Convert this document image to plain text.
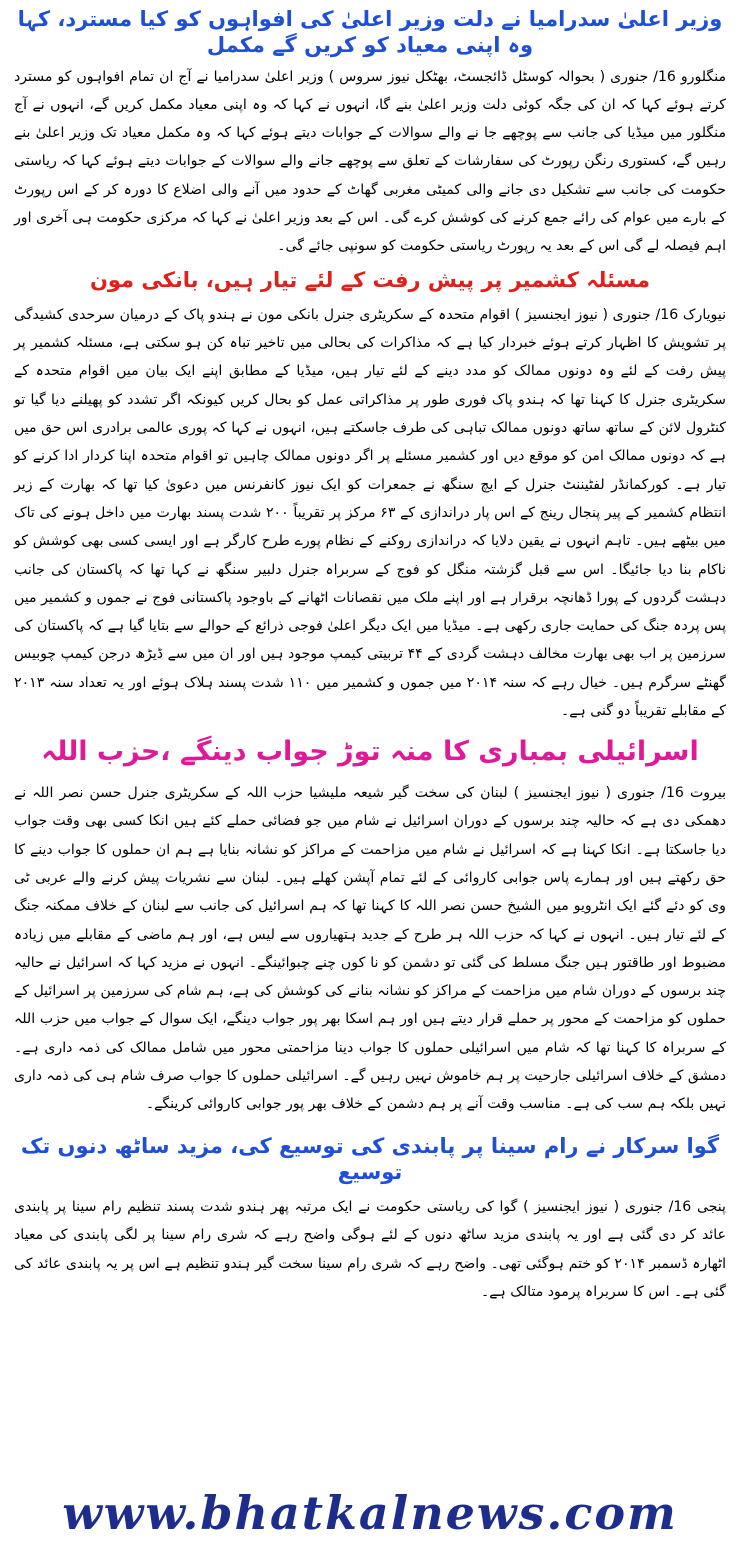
وزیر اعلیٰ سدرامیا نے دلت وزیر اعلیٰ کی افواہوں کو کیا مسترد، کہا وہ اپنی معیاد کو کریں گے مکمل

منگلورو 16/ جنوری ( بحوالہ کوسٹل ڈائجسٹ، بھٹکل نیوز سروس ) وزیر اعلیٰ سدرامیا نے آج ان تمام افواہوں کو مسترد کرتے ہوئے کہا کہ ان کی جگہ کوئی دلت وزیر اعلیٰ بنے گا، انہوں نے کہا کہ وہ اپنی معیاد مکمل کریں گے، انہوں نے آج منگلور میں میڈیا کی جانب سے پوچھے جا نے والے سوالات کے جوابات دیتے ہوئے کہا کہ وہ مکمل معیاد تک وزیر اعلیٰ بنے رہیں گے، کستوری رنگن رپورٹ کی سفارشات کے تعلق سے پوچھے جانے والے سوالات کے جوابات دیتے ہوئے کہا کہ ریاستی حکومت کی جانب سے تشکیل دی جانے والی کمیٹی مغربی گھاٹ کے حدود میں آنے والی اضلاع کا دورہ کر کے اس رپورٹ کے بارے میں عوام کی رائے جمع کرنے کی کوشش کرے گی۔ اس کے بعد وزیر اعلیٰ نے کہا کہ مرکزی حکومت ہی آخری اور اہم فیصلہ لے گی اس کے بعد یہ رپورٹ ریاستی حکومت کو سونپی جائے گی۔

مسئلہ کشمیر پر پیش رفت کے لئے تیار ہیں، بانکی مون

نیویارک 16/ جنوری ( نیوز ایجنسیز ) اقوام متحدہ کے سکریٹری جنرل بانکی مون نے ہندو پاک کے درمیان سرحدی کشیدگی پر تشویش کا اظہار کرتے ہوئے خبردار کیا ہے کہ مذاکرات کی بحالی میں تاخیر تباہ کن ہو سکتی ہے، مسئلہ کشمیر پر پیش رفت کے لئے وہ دونوں ممالک کو مدد دینے کے لئے تیار ہیں، میڈیا کے مطابق اپنے ایک بیان میں اقوام متحدہ کے سکریٹری جنرل کا کہنا تھا کہ ہندو پاک فوری طور پر مذاکراتی عمل کو بحال کریں کیونکہ اگر تشدد کو پھیلنے دیا گیا تو کنٹرول لائن کے ساتھ ساتھ دونوں ممالک تباہی کی طرف جاسکتے ہیں، انہوں نے کہا کہ پوری عالمی برادری اس حق میں ہے کہ دونوں ممالک امن کو موقع دیں اور کشمیر مسئلے پر اگر دونوں ممالک چاہیں تو اقوام متحدہ اپنا کردار ادا کرنے کو تیار ہے۔ کورکمانڈر لفٹیننٹ جنرل کے ایچ سنگھ نے جمعرات کو ایک نیوز کانفرنس میں دعویٰ کیا تھا کہ بھارت کے زیر انتظام کشمیر کے پیر پنجال رینج کے اس پار دراندازی کے ۶۳ مرکز پر تقریباً ۲۰۰ شدت پسند بھارت میں داخل ہونے کی تاک میں بیٹھے ہیں۔ تاہم انہوں نے یقین دلایا کہ دراندازی روکنے کے نظام پورے طرح کارگر ہے اور ایسی کسی بھی کوشش کو ناکام بنا دیا جائیگا۔ اس سے قبل گزشتہ منگل کو فوج کے سربراہ جنرل دلبیر سنگھ نے کہا تھا کہ پاکستان کی جانب دہشت گردوں کے پورا ڈھانچہ برقرار ہے اور اپنے ملک میں نقصانات اٹھانے کے باوجود پاکستانی فوج نے جموں و کشمیر میں پس پردہ جنگ کی حمایت جاری رکھی ہے۔ میڈیا میں ایک دیگر اعلیٰ فوجی ذرائع کے حوالے سے بتایا گیا ہے کہ پاکستان کی سرزمین پر اب بھی بھارت مخالف دہشت گردی کے ۴۴ تربیتی کیمپ موجود ہیں اور ان میں سے ڈیڑھ درجن کیمپ چوبیس گھنٹے سرگرم ہیں۔ خیال رہے کہ سنہ ۲۰۱۴ میں جموں و کشمیر میں ۱۱۰ شدت پسند ہلاک ہوئے اور یہ تعداد سنہ ۲۰۱۳ کے مقابلے تقریباً دو گنی ہے۔

اسرائیلی بمباری کا منہ توڑ جواب دینگے ،حزب اللہ

بیروت 16/ جنوری ( نیوز ایجنسیز ) لبنان کی سخت گیر شیعہ ملیشیا حزب اللہ کے سکریٹری جنرل حسن نصر اللہ نے دھمکی دی ہے کہ حالیہ چند برسوں کے دوران اسرائیل نے شام میں جو فضائی حملے کئے ہیں انکا کسی بھی وقت جواب دیا جاسکتا ہے۔ انکا کہنا ہے کہ اسرائیل نے شام میں مزاحمت کے مراکز کو نشانہ بنایا ہے ہم ان حملوں کا جواب دینے کا حق رکھتے ہیں اور ہمارے پاس جوابی کاروائی کے لئے تمام آپشن کھلے ہیں۔ لبنان سے نشریات پیش کرنے والے عربی ٹی وی کو دئے گئے ایک انٹرویو میں الشیخ حسن نصر اللہ کا کہنا تھا کہ ہم اسرائیل کی جانب سے لبنان کے خلاف ممکنہ جنگ کے لئے تیار ہیں۔ انہوں نے کہا کہ حزب اللہ ہر طرح کے جدید ہتھیاروں سے لیس ہے، اور ہم ماضی کے مقابلے میں زیادہ مضبوط اور طاقتور ہیں جنگ مسلط کی گئی تو دشمن کو نا کوں چنے چبوائینگے۔ انہوں نے مزید کہا کہ اسرائیل نے حالیہ چند برسوں کے دوران شام میں مزاحمت کے مراکز کو نشانہ بنانے کی کوشش کی ہے، ہم شام کی سرزمین پر اسرائیل کے حملوں کو مزاحمت کے محور پر حملے قرار دیتے ہیں اور ہم اسکا بھر پور جواب دینگے، ایک سوال کے جواب میں حزب اللہ کے سربراہ کا کہنا تھا کہ شام میں اسرائیلی حملوں کا جواب دینا مزاحمتی محور میں شامل ممالک کی ذمہ داری ہے۔ دمشق کے خلاف اسرائیلی جارحیت پر ہم خاموش نہیں رہیں گے۔ اسرائیلی حملوں کا جواب صرف شام ہی کی ذمہ داری نہیں بلکہ ہم سب کی ہے۔ مناسب وقت آنے پر ہم دشمن کے خلاف بھر پور جوابی کاروائی کرینگے۔

گوا سرکار نے رام سینا پر پابندی کی توسیع کی، مزید ساٹھ دنوں تک توسیع

پنجی 16/ جنوری ( نیوز ایجنسیز ) گوا کی ریاستی حکومت نے ایک مرتبہ پھر ہندو شدت پسند تنظیم رام سینا پر پابندی عائد کر دی گئی ہے اور یہ پابندی مزید ساٹھ دنوں کے لئے ہوگی واضح رہے کہ شری رام سینا پر لگی پابندی کی معیاد اٹھارہ ڈسمبر ۲۰۱۴ کو ختم ہوگئی تھی۔ واضح رہے کہ شری رام سینا سخت گیر ہندو تنظیم ہے اس پر یہ پابندی عائد کی گئی ہے۔ اس کا سربراہ پرمود متالک ہے۔

www.bhatkalnews.com
